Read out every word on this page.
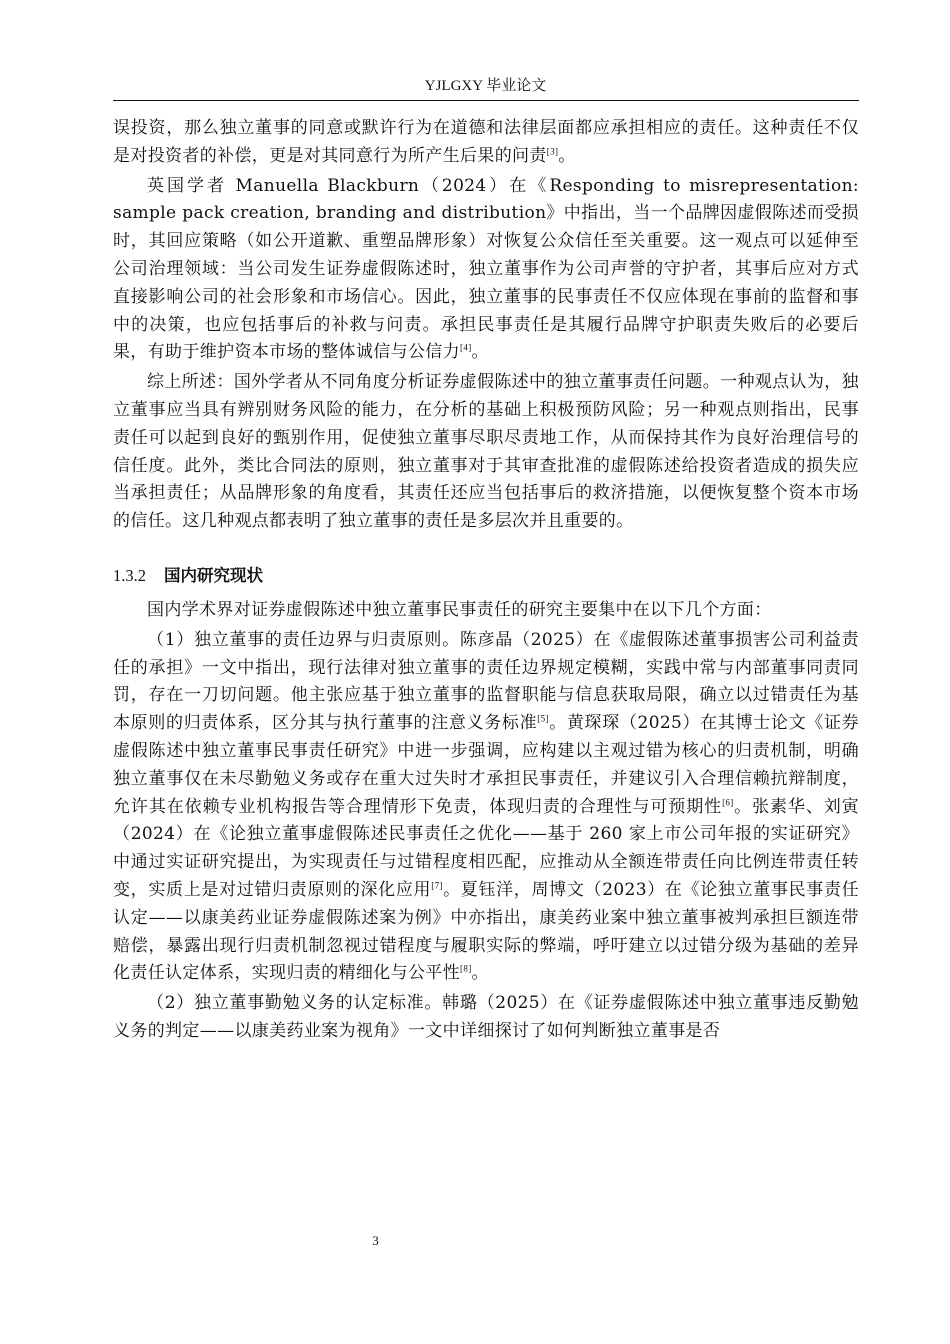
YJLGXY 毕业论文

误投资，那么独立董事的同意或默许行为在道德和法律层面都应承担相应的责任。这种责任不仅是对投资者的补偿，更是对其同意行为所产生后果的问责[3]。

英国学者 Manuella Blackburn（2024）在《Responding to misrepresentation: sample pack creation, branding and distribution》中指出，当一个品牌因虚假陈述而受损时，其回应策略（如公开道歉、重塑品牌形象）对恢复公众信任至关重要。这一观点可以延伸至公司治理领域：当公司发生证券虚假陈述时，独立董事作为公司声誉的守护者，其事后应对方式直接影响公司的社会形象和市场信心。因此，独立董事的民事责任不仅应体现在事前的监督和事中的决策，也应包括事后的补救与问责。承担民事责任是其履行品牌守护职责失败后的必要后果，有助于维护资本市场的整体诚信与公信力[4]。

综上所述：国外学者从不同角度分析证券虚假陈述中的独立董事责任问题。一种观点认为，独立董事应当具有辨别财务风险的能力，在分析的基础上积极预防风险；另一种观点则指出，民事责任可以起到良好的甄别作用，促使独立董事尽职尽责地工作，从而保持其作为良好治理信号的信任度。此外，类比合同法的原则，独立董事对于其审查批准的虚假陈述给投资者造成的损失应当承担责任；从品牌形象的角度看，其责任还应当包括事后的救济措施，以便恢复整个资本市场的信任。这几种观点都表明了独立董事的责任是多层次并且重要的。

1.3.2 国内研究现状

国内学术界对证券虚假陈述中独立董事民事责任的研究主要集中在以下几个方面：

（1）独立董事的责任边界与归责原则。陈彦晶（2025）在《虚假陈述董事损害公司利益责任的承担》一文中指出，现行法律对独立董事的责任边界规定模糊，实践中常与内部董事同责同罚，存在一刀切问题。他主张应基于独立董事的监督职能与信息获取局限，确立以过错责任为基本原则的归责体系，区分其与执行董事的注意义务标准[5]。黄琛琛（2025）在其博士论文《证券虚假陈述中独立董事民事责任研究》中进一步强调，应构建以主观过错为核心的归责机制，明确独立董事仅在未尽勤勉义务或存在重大过失时才承担民事责任，并建议引入合理信赖抗辩制度，允许其在依赖专业机构报告等合理情形下免责，体现归责的合理性与可预期性[6]。张素华、刘寅（2024）在《论独立董事虚假陈述民事责任之优化——基于 260 家上市公司年报的实证研究》中通过实证研究提出，为实现责任与过错程度相匹配，应推动从全额连带责任向比例连带责任转变，实质上是对过错归责原则的深化应用[7]。夏钰洋，周博文（2023）在《论独立董事民事责任认定——以康美药业证券虚假陈述案为例》中亦指出，康美药业案中独立董事被判承担巨额连带赔偿，暴露出现行归责机制忽视过错程度与履职实际的弊端，呼吁建立以过错分级为基础的差异化责任认定体系，实现归责的精细化与公平性[8]。

（2）独立董事勤勉义务的认定标准。韩璐（2025）在《证券虚假陈述中独立董事违反勤勉义务的判定——以康美药业案为视角》一文中详细探讨了如何判断独立董事是否

3
